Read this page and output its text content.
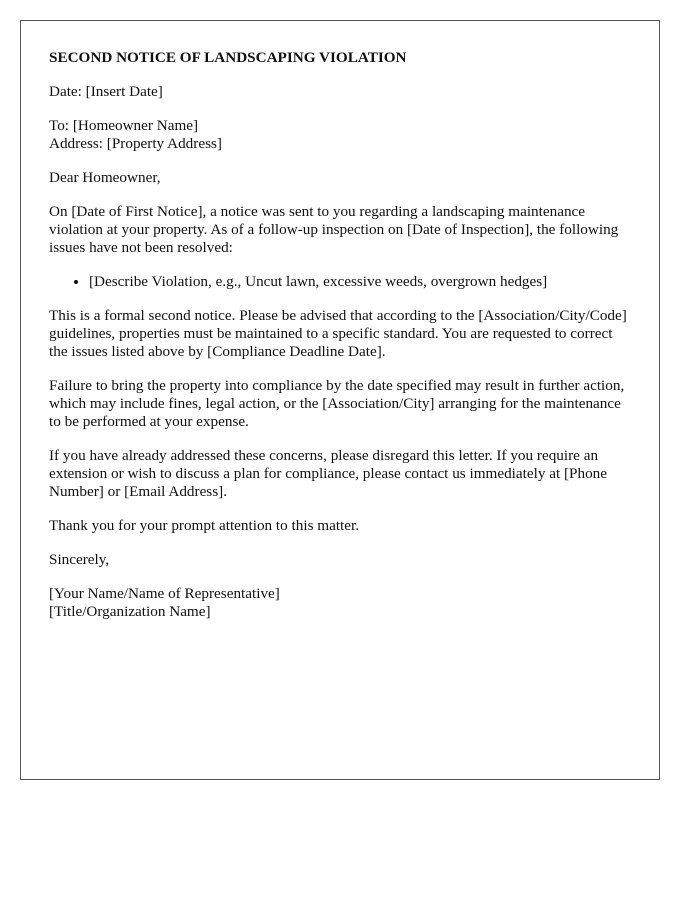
SECOND NOTICE OF LANDSCAPING VIOLATION

Date: [Insert Date]

To: [Homeowner Name]
Address: [Property Address]

Dear Homeowner,

On [Date of First Notice], a notice was sent to you regarding a landscaping maintenance violation at your property. As of a follow-up inspection on [Date of Inspection], the following issues have not been resolved:

• [Describe Violation, e.g., Uncut lawn, excessive weeds, overgrown hedges]

This is a formal second notice. Please be advised that according to the [Association/City/Code] guidelines, properties must be maintained to a specific standard. You are requested to correct the issues listed above by [Compliance Deadline Date].

Failure to bring the property into compliance by the date specified may result in further action, which may include fines, legal action, or the [Association/City] arranging for the maintenance to be performed at your expense.

If you have already addressed these concerns, please disregard this letter. If you require an extension or wish to discuss a plan for compliance, please contact us immediately at [Phone Number] or [Email Address].

Thank you for your prompt attention to this matter.

Sincerely,

[Your Name/Name of Representative]
[Title/Organization Name]
